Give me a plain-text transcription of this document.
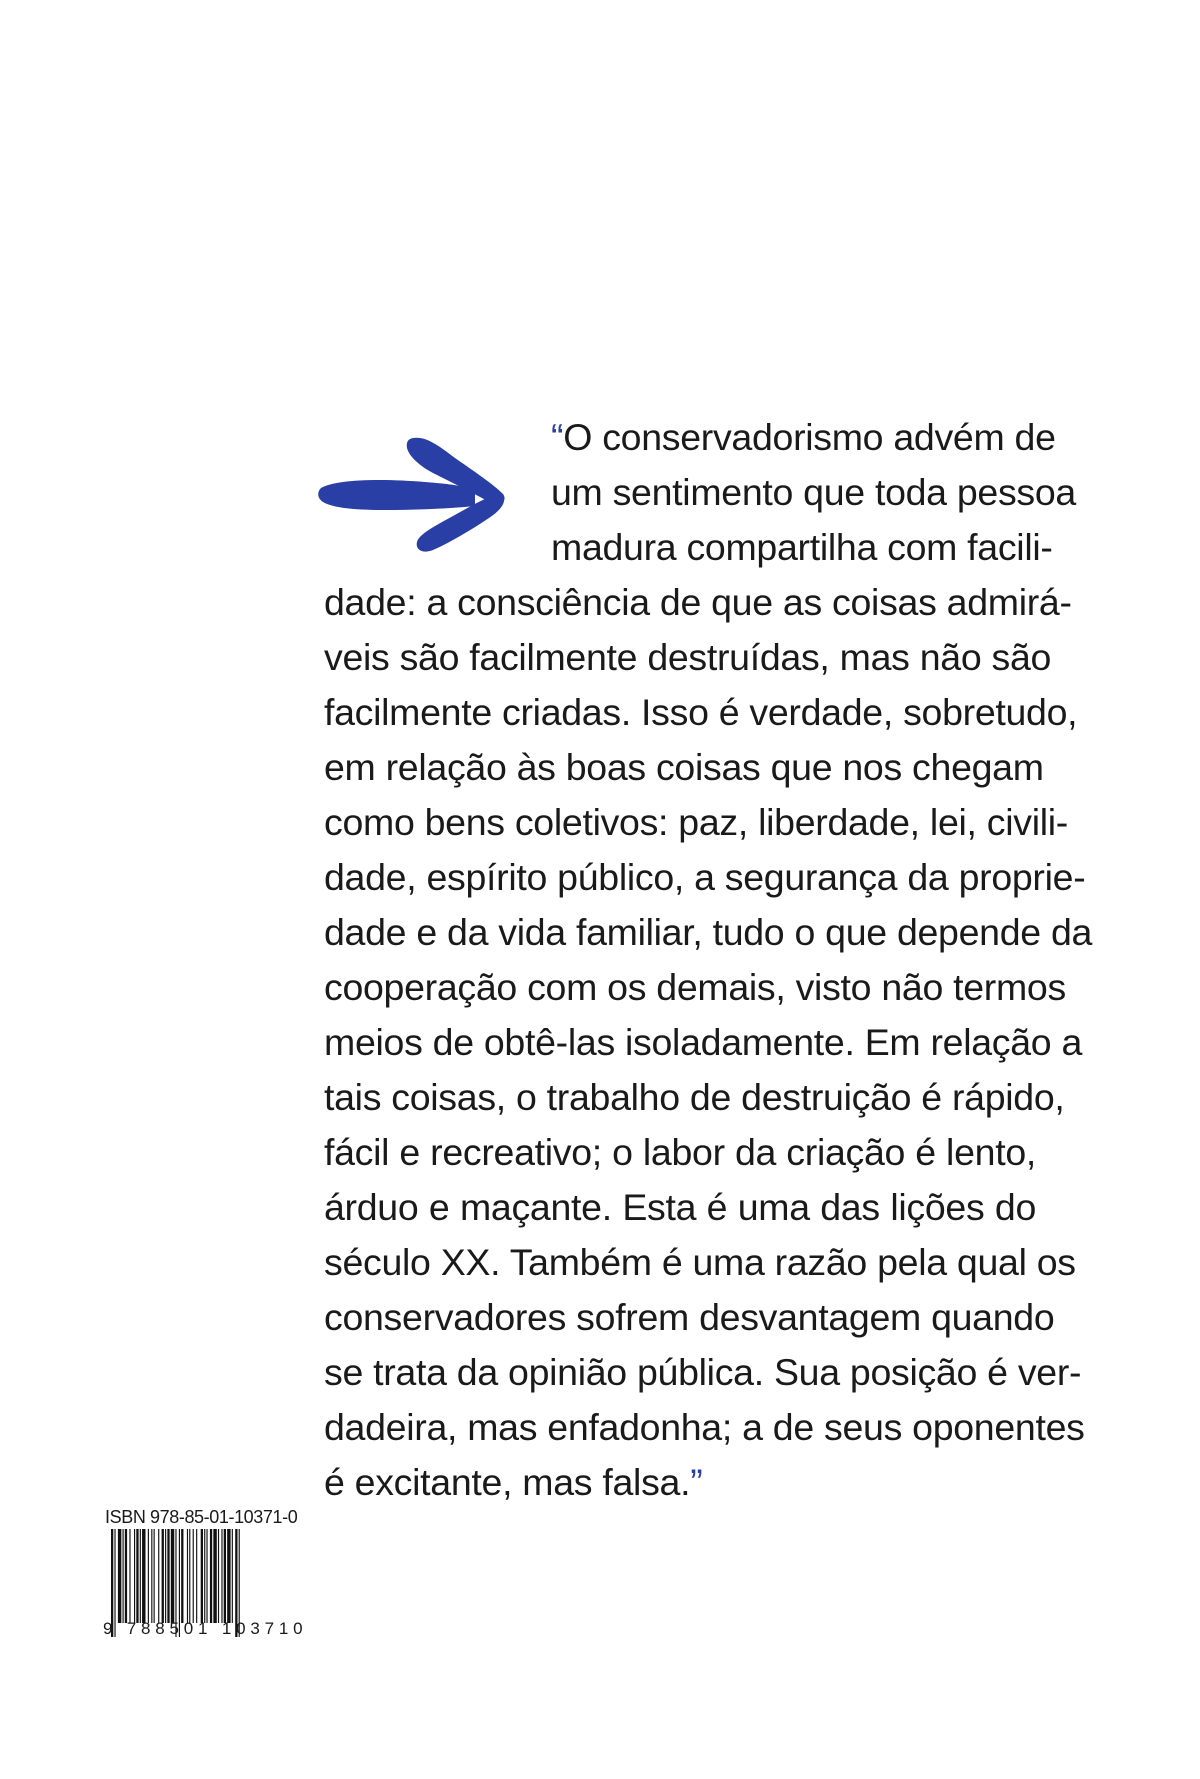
“O conservadorismo advém de
um sentimento que toda pessoa
madura compartilha com facili-
dade: a consciência de que as coisas admirá-
veis são facilmente destruídas, mas não são
facilmente criadas. Isso é verdade, sobretudo,
em relação às boas coisas que nos chegam
como bens coletivos: paz, liberdade, lei, civili-
dade, espírito público, a segurança da proprie-
dade e da vida familiar, tudo o que depende da
cooperação com os demais, visto não termos
meios de obtê-las isoladamente. Em relação a
tais coisas, o trabalho de destruição é rápido,
fácil e recreativo; o labor da criação é lento,
árduo e maçante. Esta é uma das lições do
século XX. Também é uma razão pela qual os
conservadores sofrem desvantagem quando
se trata da opinião pública. Sua posição é ver-
dadeira, mas enfadonha; a de seus oponentes
é excitante, mas falsa.”

ISBN 978-85-01-10371-0
9 788501 103710
